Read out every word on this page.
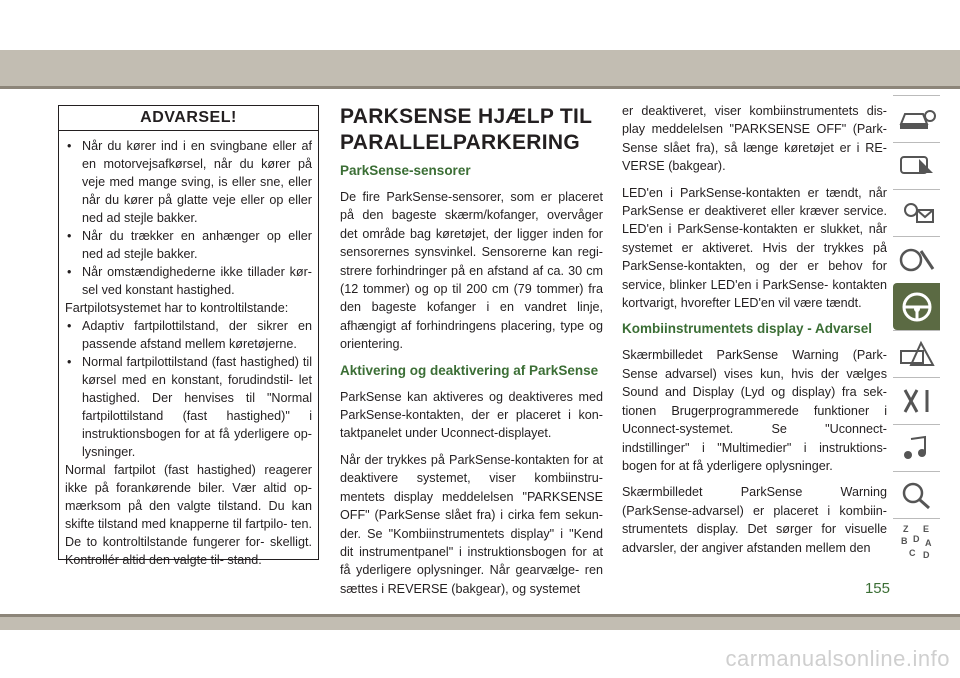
ADVARSEL!
• Når du kører ind i en svingbane eller af en motorvejsafkørsel, når du kører på veje med mange sving, is eller sne, eller når du kører på glatte veje eller op eller ned ad stejle bakker.
• Når du trækker en anhænger op eller ned ad stejle bakker.
• Når omstændighederne ikke tillader kør- sel ved konstant hastighed.

Fartpilotsystemet har to kontroltilstande:

• Adaptiv fartpilottilstand, der sikrer en passende afstand mellem køretøjerne.
• Normal fartpilottilstand (fast hastighed) til kørsel med en konstant, forudindstil- let hastighed. Der henvises til "Normal fartpilottilstand (fast hastighed)" i instruktionsbogen for at få yderligere op- lysninger.

Normal fartpilot (fast hastighed) reagerer ikke på forankørende biler. Vær altid op- mærksom på den valgte tilstand. Du kan skifte tilstand med knapperne til fartpilo- ten. De to kontroltilstande fungerer for- skelligt. Kontrollér altid den valgte til- stand.

PARKSENSE HJÆLP TIL PARALLELPARKERING
ParkSense-sensorer

De fire ParkSense-sensorer, som er placeret på den bageste skærm/kofanger, overvåger det område bag køretøjet, der ligger inden for sensorernes synsvinkel. Sensorerne kan regi- strere forhindringer på en afstand af ca. 30 cm (12 tommer) og op til 200 cm (79 tommer) fra den bageste kofanger i en vandret linje, afhængigt af forhindringens placering, type og orientering.

Aktivering og deaktivering af ParkSense

ParkSense kan aktiveres og deaktiveres med ParkSense-kontakten, der er placeret i kon- taktpanelet under Uconnect-displayet.

Når der trykkes på ParkSense-kontakten for at deaktivere systemet, viser kombiinstru- mentets display meddelelsen "PARKSENSE OFF" (ParkSense slået fra) i cirka fem sekun- der. Se "Kombiinstrumentets display" i "Kend dit instrumentpanel" i instruktionsbogen for at få yderligere oplysninger. Når gearvælge- ren sættes i REVERSE (bakgear), og systemet

er deaktiveret, viser kombiinstrumentets dis- play meddelelsen "PARKSENSE OFF" (Park- Sense slået fra), så længe køretøjet er i RE- VERSE (bakgear).

LED'en i ParkSense-kontakten er tændt, når ParkSense er deaktiveret eller kræver service. LED'en i ParkSense-kontakten er slukket, når systemet er aktiveret. Hvis der trykkes på ParkSense-kontakten, og der er behov for service, blinker LED'en i ParkSense- kontakten kortvarigt, hvorefter LED'en vil være tændt.

Kombiinstrumentets display - Advarsel

Skærmbilledet ParkSense Warning (Park- Sense advarsel) vises kun, hvis der vælges Sound and Display (Lyd og display) fra sek- tionen Brugerprogrammerede funktioner i Uconnect-systemet. Se "Uconnect- indstillinger" i "Multimedier" i instruktions- bogen for at få yderligere oplysninger.

Skærmbilledet ParkSense Warning (ParkSense-advarsel) er placeret i kombiin- strumentets display. Det sørger for visuelle advarsler, der angiver afstanden mellem den

Z E
B D A
C D
155
carmanualsonline.info
